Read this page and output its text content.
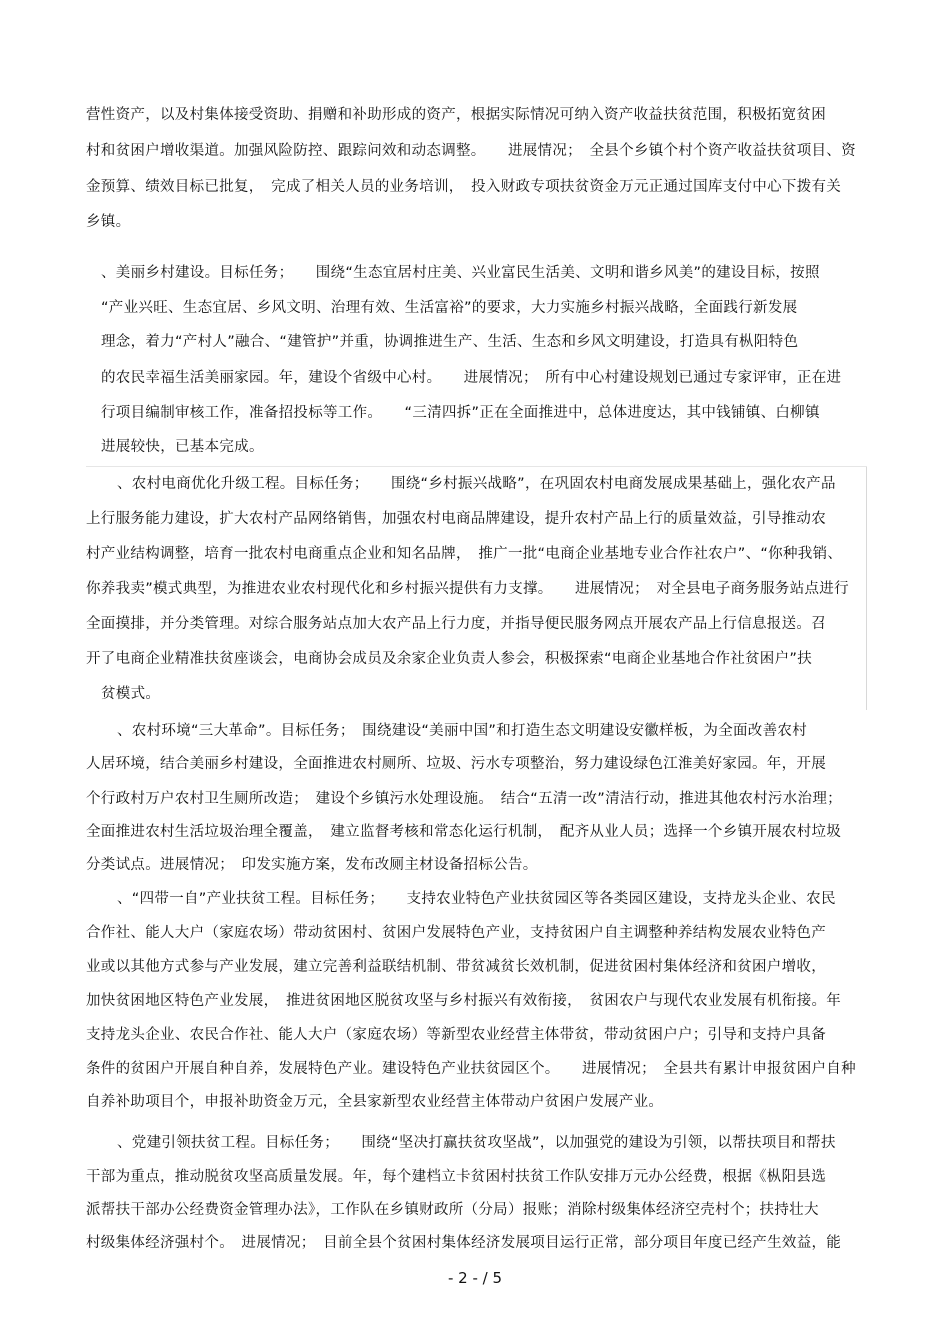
营性资产，以及村集体接受资助、捐赠和补助形成的资产，根据实际情况可纳入资产收益扶贫范围，积极拓宽贫困
村和贫困户增收渠道。加强风险防控、跟踪问效和动态调整。　　进展情况；　全县个乡镇个村个资产收益扶贫项目、资
金预算、绩效目标已批复，　完成了相关人员的业务培训，　投入财政专项扶贫资金万元正通过国库支付中心下拨有关
乡镇。
、美丽乡村建设。目标任务；　　围绕“生态宜居村庄美、兴业富民生活美、文明和谐乡风美”的建设目标，按照
“产业兴旺、生态宜居、乡风文明、治理有效、生活富裕”的要求，大力实施乡村振兴战略，全面践行新发展
理念，着力“产村人”融合、“建管护”并重，协调推进生产、生活、生态和乡风文明建设，打造具有枞阳特色
的农民幸福生活美丽家园。年，建设个省级中心村。　　进展情况；　所有中心村建设规划已通过专家评审，正在进
行项目编制审核工作，准备招投标等工作。　　“三清四拆”正在全面推进中，总体进度达，其中钱铺镇、白柳镇
进展较快，已基本完成。
、农村电商优化升级工程。目标任务；　　围绕“乡村振兴战略”，在巩固农村电商发展成果基础上，强化农产品
上行服务能力建设，扩大农村产品网络销售，加强农村电商品牌建设，提升农村产品上行的质量效益，引导推动农
村产业结构调整，培育一批农村电商重点企业和知名品牌，　推广一批“电商企业基地专业合作社农户”、“你种我销、
你养我卖”模式典型，为推进农业农村现代化和乡村振兴提供有力支撑。　　进展情况；　对全县电子商务服务站点进行
全面摸排，并分类管理。对综合服务站点加大农产品上行力度，并指导便民服务网点开展农产品上行信息报送。召
开了电商企业精准扶贫座谈会，电商协会成员及余家企业负责人参会，积极探索“电商企业基地合作社贫困户”扶
贫模式。
、农村环境“三大革命”。目标任务；　围绕建设“美丽中国”和打造生态文明建设安徽样板，为全面改善农村
人居环境，结合美丽乡村建设，全面推进农村厕所、垃圾、污水专项整治，努力建设绿色江淮美好家园。年，开展
个行政村万户农村卫生厕所改造；　建设个乡镇污水处理设施。　结合“五清一改”清洁行动，推进其他农村污水治理；
全面推进农村生活垃圾治理全覆盖，　建立监督考核和常态化运行机制，　配齐从业人员；选择一个乡镇开展农村垃圾
分类试点。进展情况；　印发实施方案，发布改厕主材设备招标公告。
、“四带一自”产业扶贫工程。目标任务；　　支持农业特色产业扶贫园区等各类园区建设，支持龙头企业、农民
合作社、能人大户（家庭农场）带动贫困村、贫困户发展特色产业，支持贫困户自主调整种养结构发展农业特色产
业或以其他方式参与产业发展，建立完善利益联结机制、带贫减贫长效机制，促进贫困村集体经济和贫困户增收，
加快贫困地区特色产业发展，　推进贫困地区脱贫攻坚与乡村振兴有效衔接，　贫困农户与现代农业发展有机衔接。年
支持龙头企业、农民合作社、能人大户（家庭农场）等新型农业经营主体带贫，带动贫困户户；引导和支持户具备
条件的贫困户开展自种自养，发展特色产业。建设特色产业扶贫园区个。　　进展情况；　全县共有累计申报贫困户自种
自养补助项目个，申报补助资金万元，全县家新型农业经营主体带动户贫困户发展产业。
、党建引领扶贫工程。目标任务；　　围绕“坚决打赢扶贫攻坚战”，以加强党的建设为引领，以帮扶项目和帮扶
干部为重点，推动脱贫攻坚高质量发展。年，每个建档立卡贫困村扶贫工作队安排万元办公经费，根据《枞阳县选
派帮扶干部办公经费资金管理办法》，工作队在乡镇财政所（分局）报账；消除村级集体经济空壳村个；扶持壮大
村级集体经济强村个。　进展情况；　目前全县个贫困村集体经济发展项目运行正常，部分项目年度已经产生效益，能
- 2 - / 5
